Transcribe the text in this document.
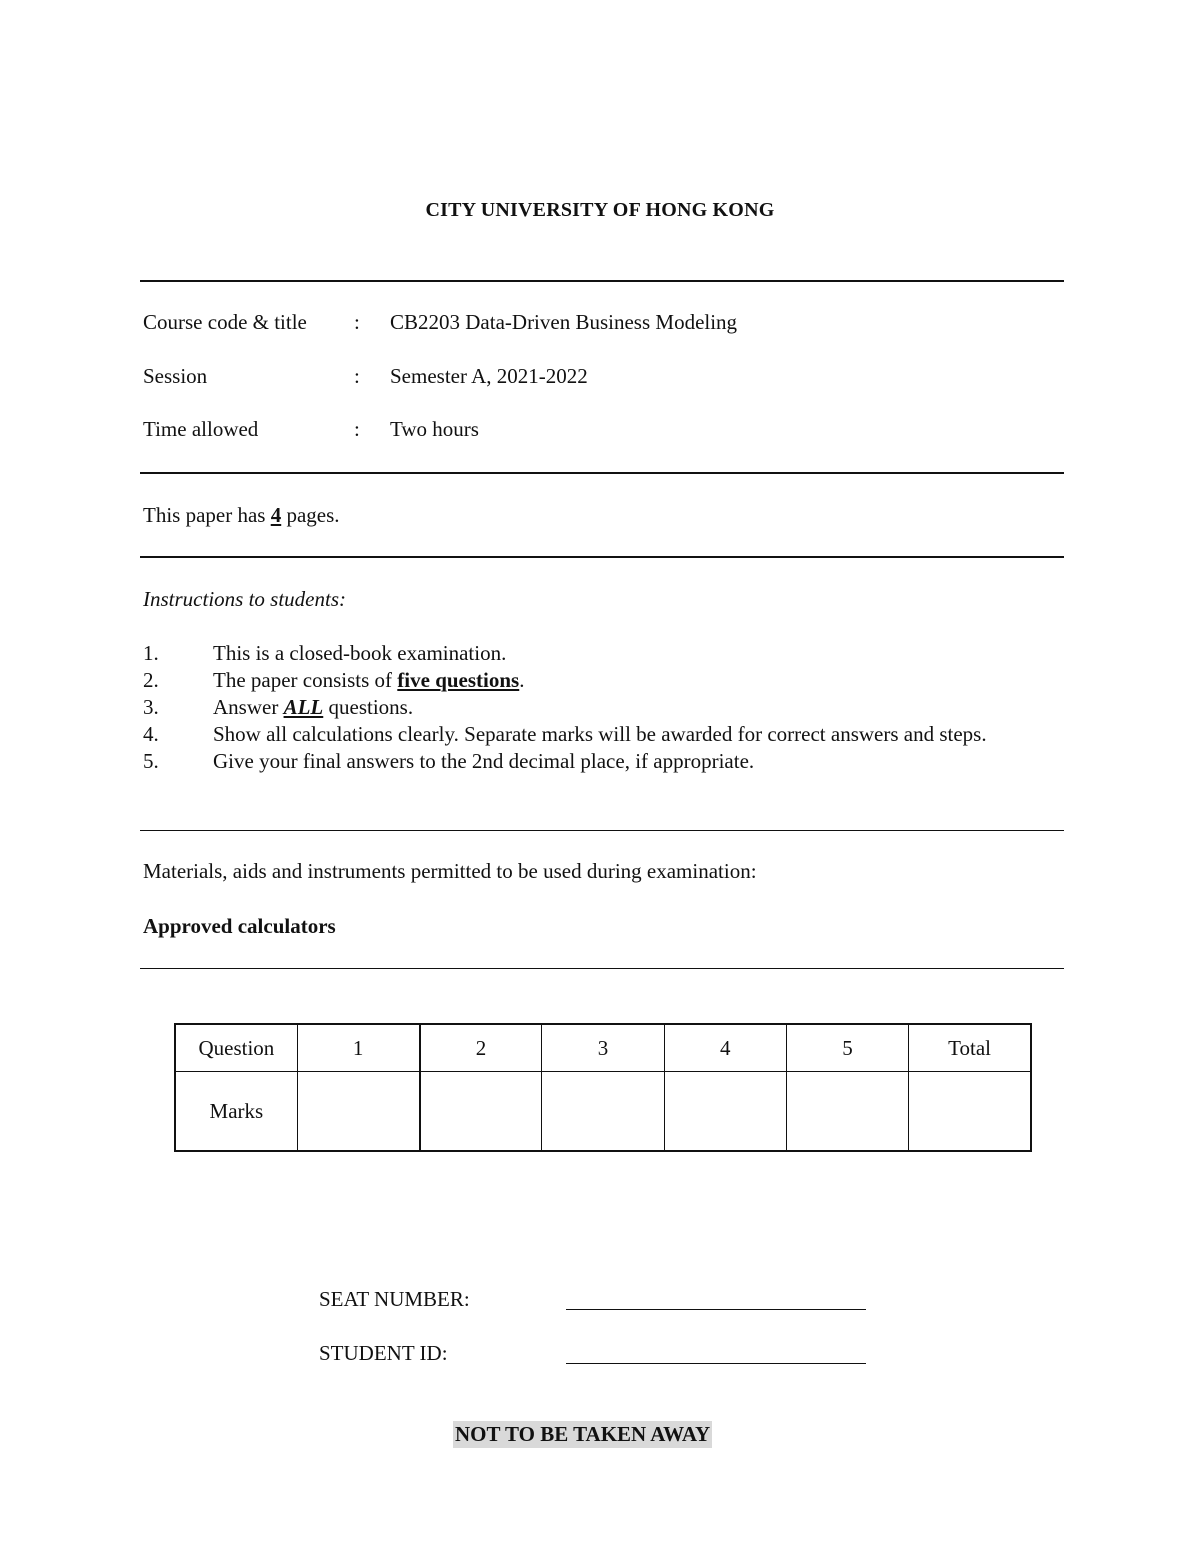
CITY UNIVERSITY OF HONG KONG
Course code & title : CB2203 Data-Driven Business Modeling
Session	: Semester A, 2021-2022
Time allowed	: Two hours
This paper has 4 pages.
Instructions to students:
1.	This is a closed-book examination.
2.	The paper consists of five questions.
3.	Answer ALL questions.
4.	Show all calculations clearly. Separate marks will be awarded for correct answers and steps.
5.	Give your final answers to the 2nd decimal place, if appropriate.
Materials, aids and instruments permitted to be used during examination:
Approved calculators
Question	1	2	3	4	5	Total
Marks						
SEAT NUMBER:
STUDENT ID:
NOT TO BE TAKEN AWAY
